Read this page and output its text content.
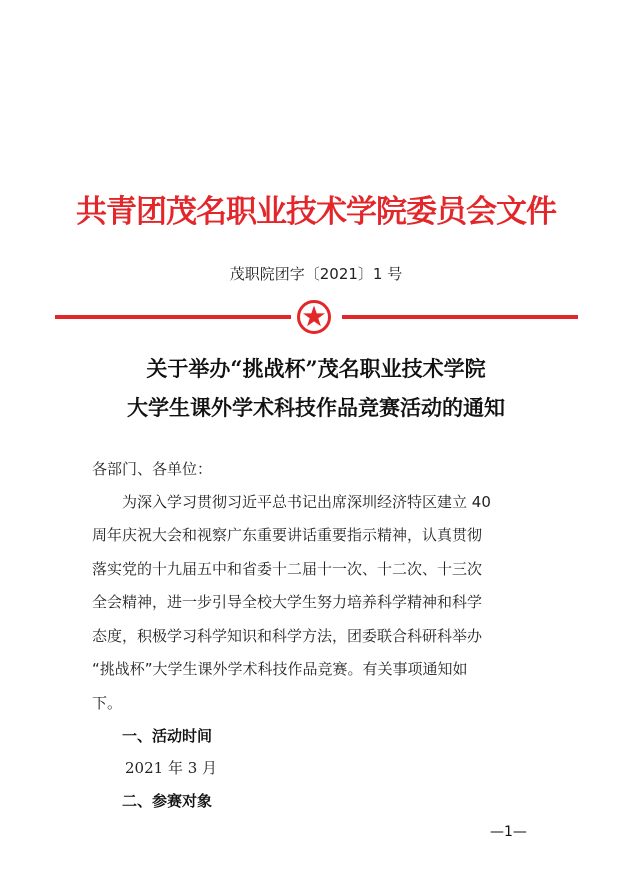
共青团茂名职业技术学院委员会文件
茂职院团字〔2021〕1 号
关于举办“挑战杯”茂名职业技术学院
大学生课外学术科技作品竞赛活动的通知
各部门、各单位：
为深入学习贯彻习近平总书记出席深圳经济特区建立 40
周年庆祝大会和视察广东重要讲话重要指示精神，认真贯彻
落实党的十九届五中和省委十二届十一次、十二次、十三次
全会精神，进一步引导全校大学生努力培养科学精神和科学
态度，积极学习科学知识和科学方法，团委联合科研科举办
“挑战杯”大学生课外学术科技作品竞赛。有关事项通知如
下。
一、活动时间
2021 年 3 月
二、参赛对象
—1—
